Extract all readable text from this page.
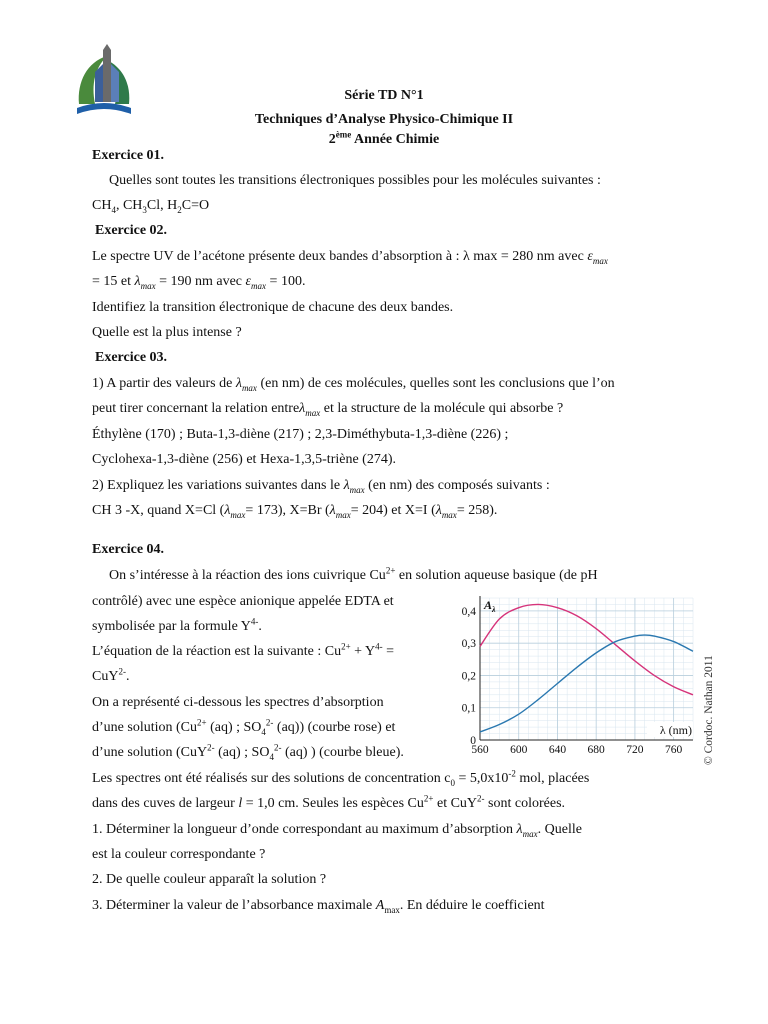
Série TD N°1
Techniques d’Analyse Physico-Chimique II
2ème Année Chimie
Exercice 01.
Quelles sont toutes les transitions électroniques possibles pour les molécules suivantes :
$CH_4$, $CH_3Cl$, $H_2C=O$
Exercice 02.
Le spectre UV de l’acétone présente deux bandes d’absorption à : λ max = 280 nm avec $\varepsilon_{max}$
= 15 et $\lambda_{max} = 190$ nm avec $\varepsilon_{max} = 100$.
Identifiez la transition électronique de chacune des deux bandes.
Quelle est la plus intense ?
Exercice 03.
1) A partir des valeurs de $\lambda_{max}$ (en nm) de ces molécules, quelles sont les conclusions que l’on
peut tirer concernant la relation entreλ$_{max}$ et la structure de la molécule qui absorbe ?
Éthylène (170) ; Buta-1,3-diène (217) ; 2,3-Diméthybuta-1,3-diène (226) ;
Cyclohexa-1,3-diène (256) et Hexa-1,3,5-triène (274).
2) Expliquez les variations suivantes dans le $\lambda_{max}$ (en nm) des composés suivants :
CH 3 -X, quand X=Cl $(\lambda_{max}= 173)$, X=Br $(\lambda_{max}= 204)$ et X=I $(\lambda_{max}= 258)$.
Exercice 04.
On s’intéresse à la réaction des ions cuivrique $Cu^{2+}$ en solution aqueuse basique (de pH
contrôlé) avec une espèce anionique appelée EDTA et
symbolisée par la formule $Y^{4-}$.
L’équation de la réaction est la suivante : $Cu^{2+} + Y^{4-}$ =
CuY$^{2-}$.
On a représenté ci-dessous les spectres d’absorption
d’une solution ($Cu^{2+}$ (aq) ; $SO_4^{2-}$ (aq)) (courbe rose) et
d’une solution (CuY$^{2-}$ (aq) ; $SO_4^{2-}$ (aq) ) (courbe bleue).
Les spectres ont été réalisés sur des solutions de concentration $c_0 = 5,0x10^{-2}$ mol, placées
dans des cuves de largeur l = 1,0 cm. Seules les espèces $Cu^{2+}$ et CuY$^{2-}$ sont colorées.
1. Déterminer la longueur d’onde correspondant au maximum d’absorption $\lambda_{max}$. Quelle
est la couleur correspondante ?
2. De quelle couleur apparaît la solution ?
3. Déterminer la valeur de l’absorbance maximale $A_{max}$. En déduire le coefficient
560 600 640 680 720 760
0
0,1
0,2
0,3
0,4 $A_\lambda$
λ (nm) © Cordoc. Nathan 2011
